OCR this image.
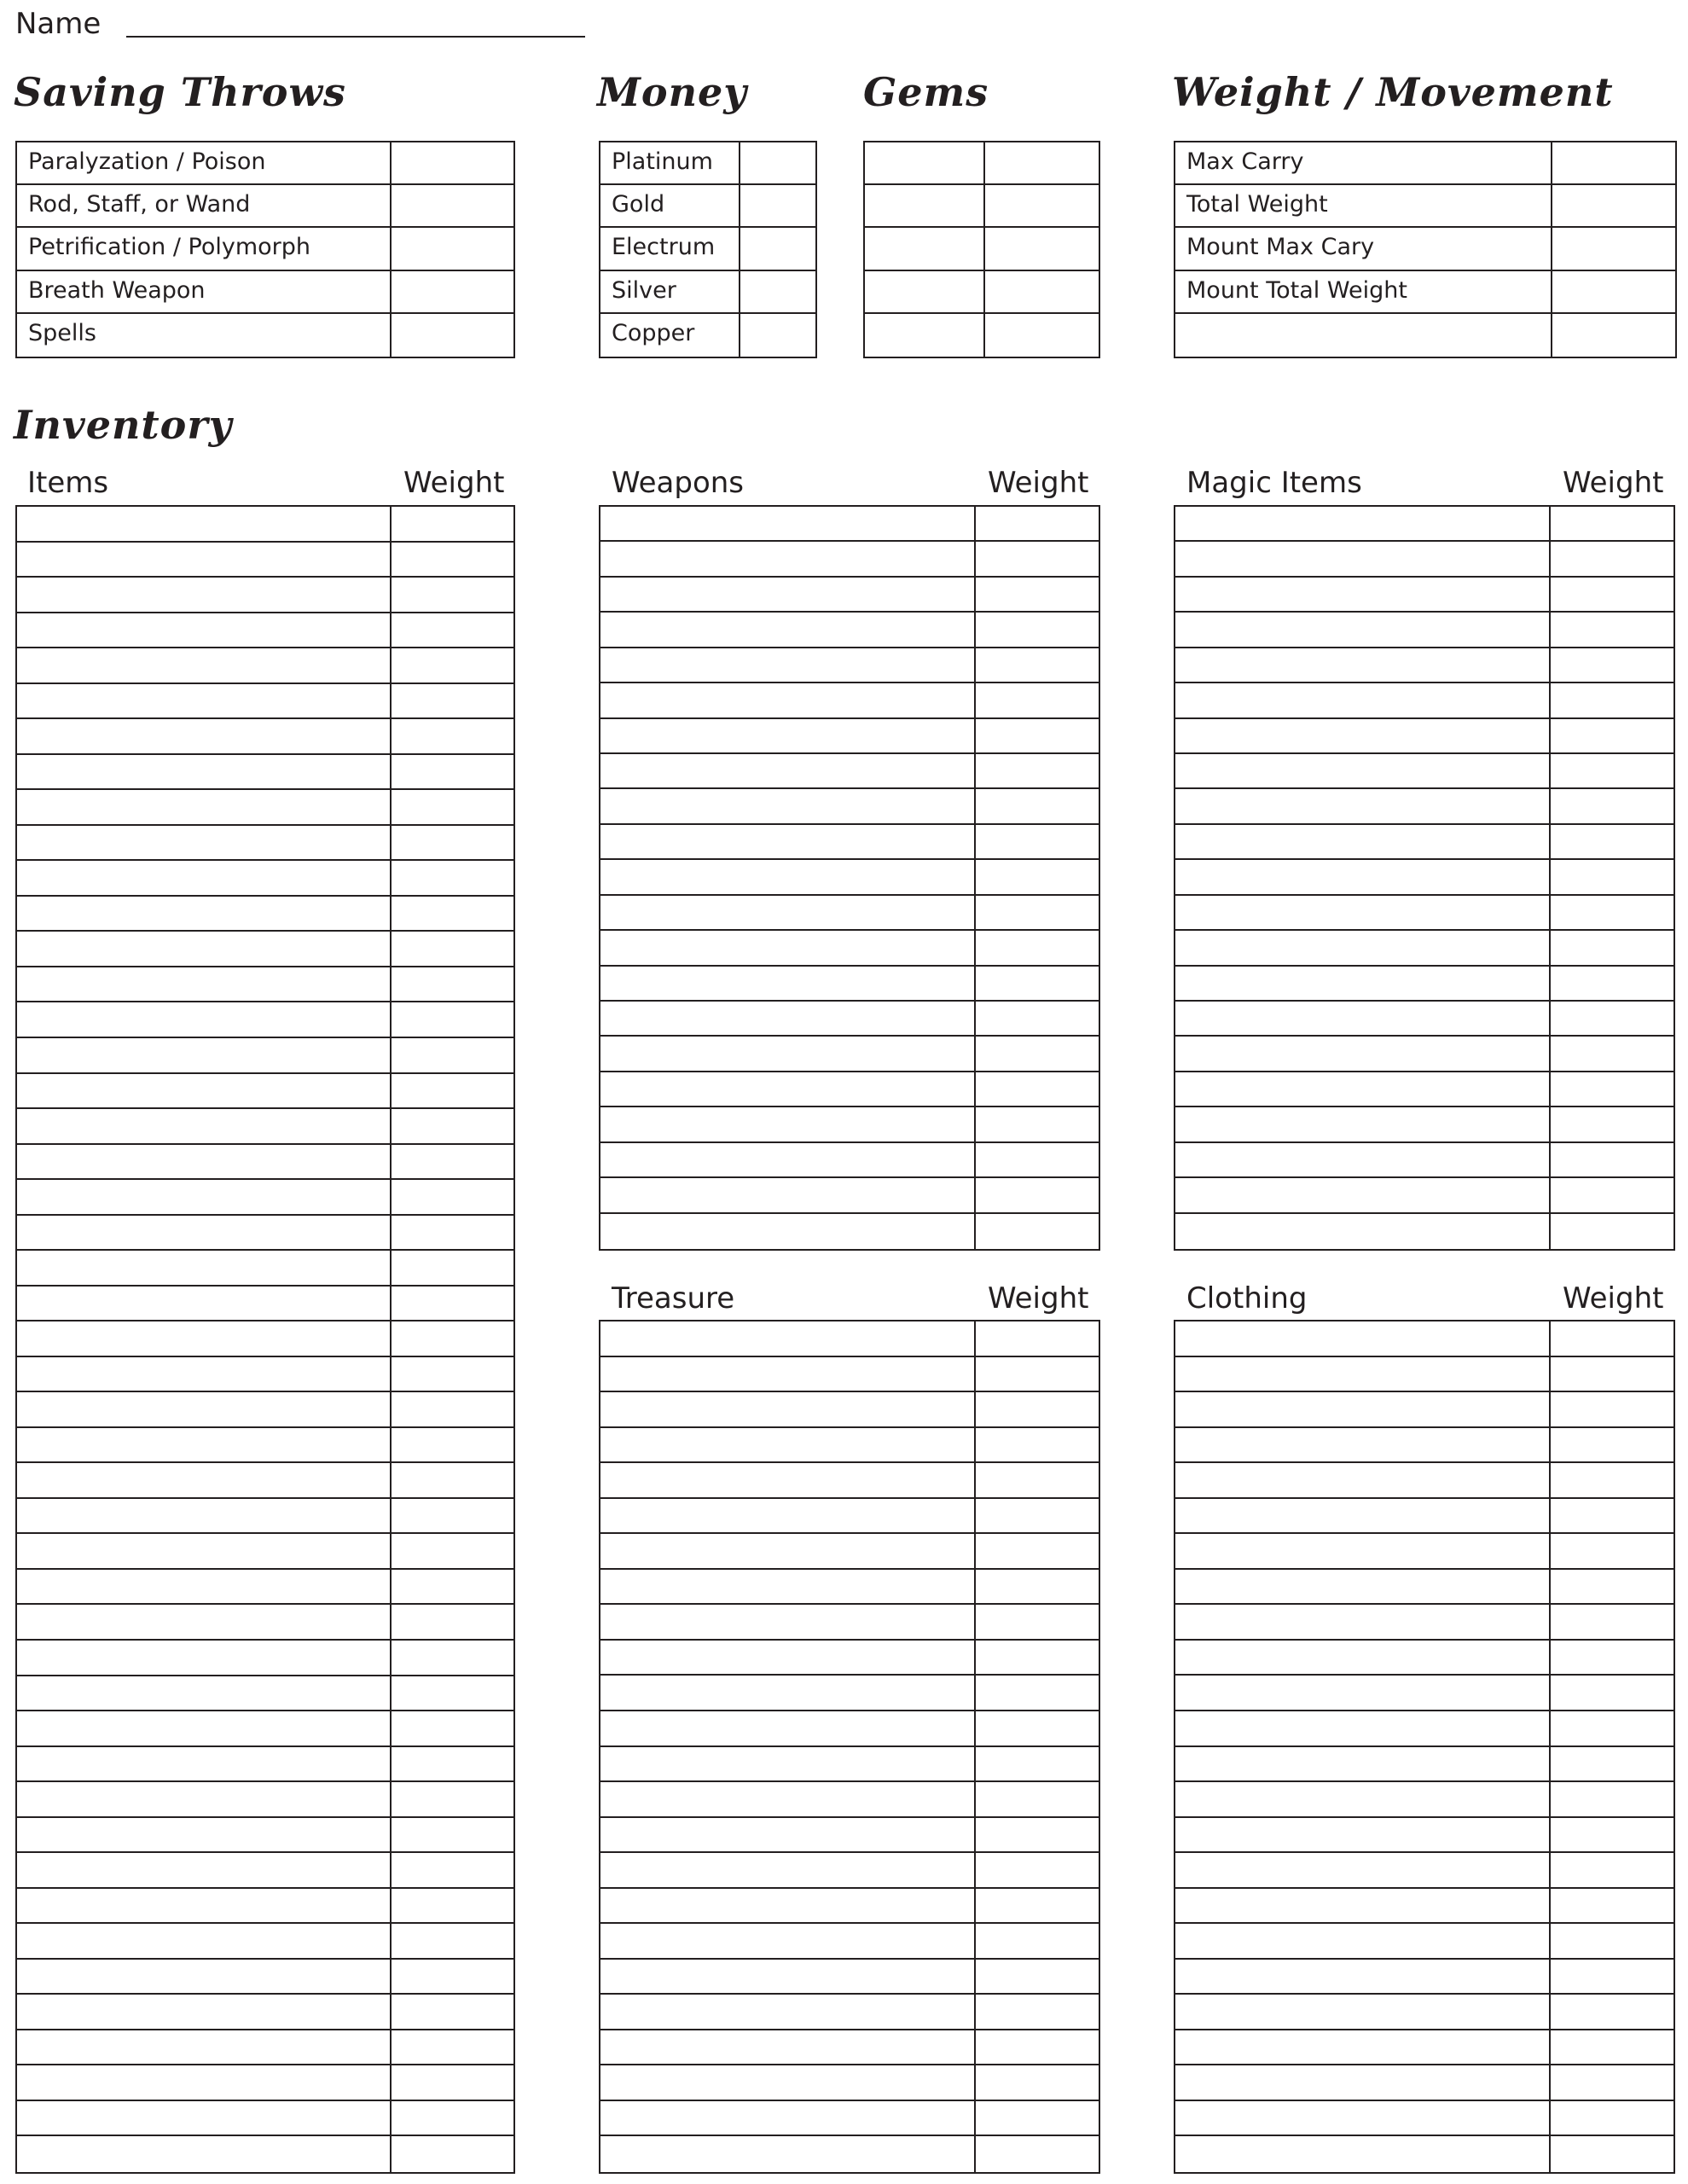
Name
Saving Throws	Money	Gems	Weight / Movement
Inventory
Paralyzation / Poison
Rod, Staff, or Wand
Petrification / Polymorph
Breath Weapon
Spells
Platinum
Gold
Electrum
Silver
Copper
Max Carry
Total Weight
Mount Max Cary
Mount Total Weight
Items	Weight	Weapons	Weight	Magic Items	Weight
Treasure	Weight	Clothing	Weight
